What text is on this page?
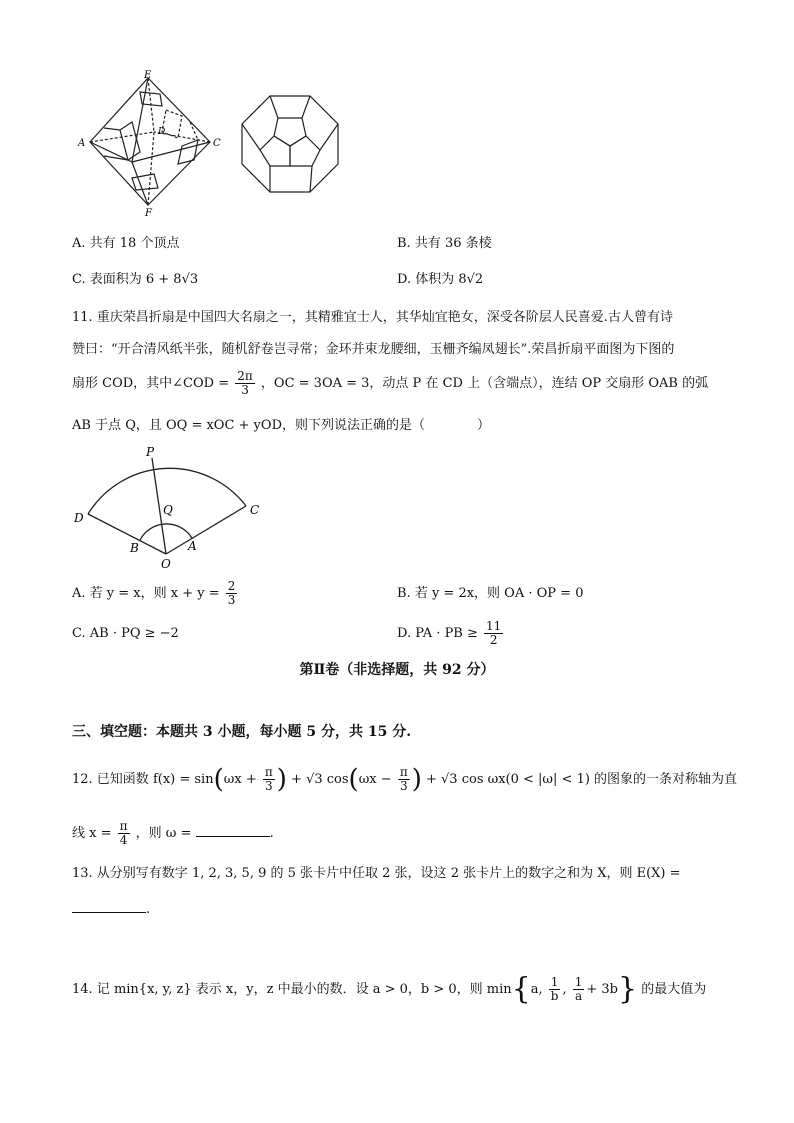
E
A	C
D
F
A. 共有 18 个顶点	B. 共有 36 条棱
C. 表面积为 6 + 8√3	D. 体积为 8√2
11. 重庆荣昌折扇是中国四大名扇之一，其精雅宜士人，其华灿宜艳女，深受各阶层人民喜爱.古人曾有诗
赞曰：“开合清风纸半张，随机舒卷岂寻常；金环并束龙腰细，玉栅齐编凤翅长”.荣昌折扇平面图为下图的
扇形 COD，其中∠COD = $\frac{2\pi}{3}$ ，OC = 3OA = 3，动点 P 在 CD 上（含端点），连结 OP 交扇形 OAB 的弧
AB 于点 Q，且 OQ = xOC + yOD，则下列说法正确的是（　　　　）
P
Q
D
C
B	A
O
A. 若 y = x，则 $x + y = \frac{2}{3}$	B. 若 y = 2x，则 OA · OP = 0
C. AB · PQ ≥ −2	D. PA · PB ≥ $\frac{11}{2}$
第Ⅱ卷（非选择题，共 92 分）
三、填空题：本题共 3 小题，每小题 5 分，共 15 分.
12. 已知函数 $f(x) = \sin(\omega x + \frac{\pi}{3}$ ) + √3 $\cos(\omega x - \frac{\pi}{3}$ ) + √3 cos ωx(0 < |ω| < 1) 的图象的一条对称轴为直
线 $x = \frac{\pi}{4}$ ，则 ω =	.
13. 从分别写有数字 1, 2, 3, 5, 9 的 5 张卡片中任取 2 张，设这 2 张卡片上的数字之和为 X，则 E(X) =
.
14. 记 min{x, y, z} 表示 x，y，z 中最小的数．设 a > 0，b > 0，则 min{a, $\frac{1}{b}$ , $\frac{1}{a} + 3b$} 的最大值为
